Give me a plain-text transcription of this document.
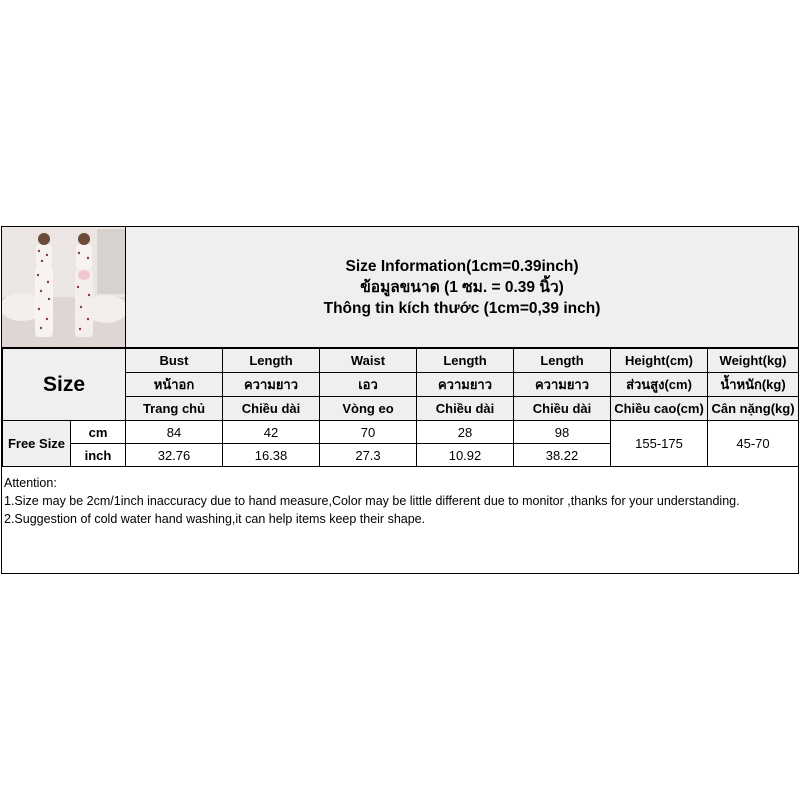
Size Information(1cm=0.39inch)
ข้อมูลขนาด (1 ซม. = 0.39 นิ้ว)
Thông tin kích thước (1cm=0,39 inch)
Size		Bust	Length	Waist	Length	Length	Height(cm)	Weight(kg)
		หน้าอก	ความยาว	เอว	ความยาว	ความยาว	ส่วนสูง(cm)	น้ำหนัก(kg)
		Trang chủ	Chiều dài	Vòng eo	Chiều dài	Chiều dài	Chiều cao(cm)	Cân nặng(kg)
Free Size	cm	84	42	70	28	98	155-175	45-70
	inch	32.76	16.38	27.3	10.92	38.22		
Attention:
1.Size may be 2cm/1inch inaccuracy due to hand measure,Color may be little different due to monitor ,thanks for your understanding.
2.Suggestion of cold water hand washing,it can help items keep their shape.
